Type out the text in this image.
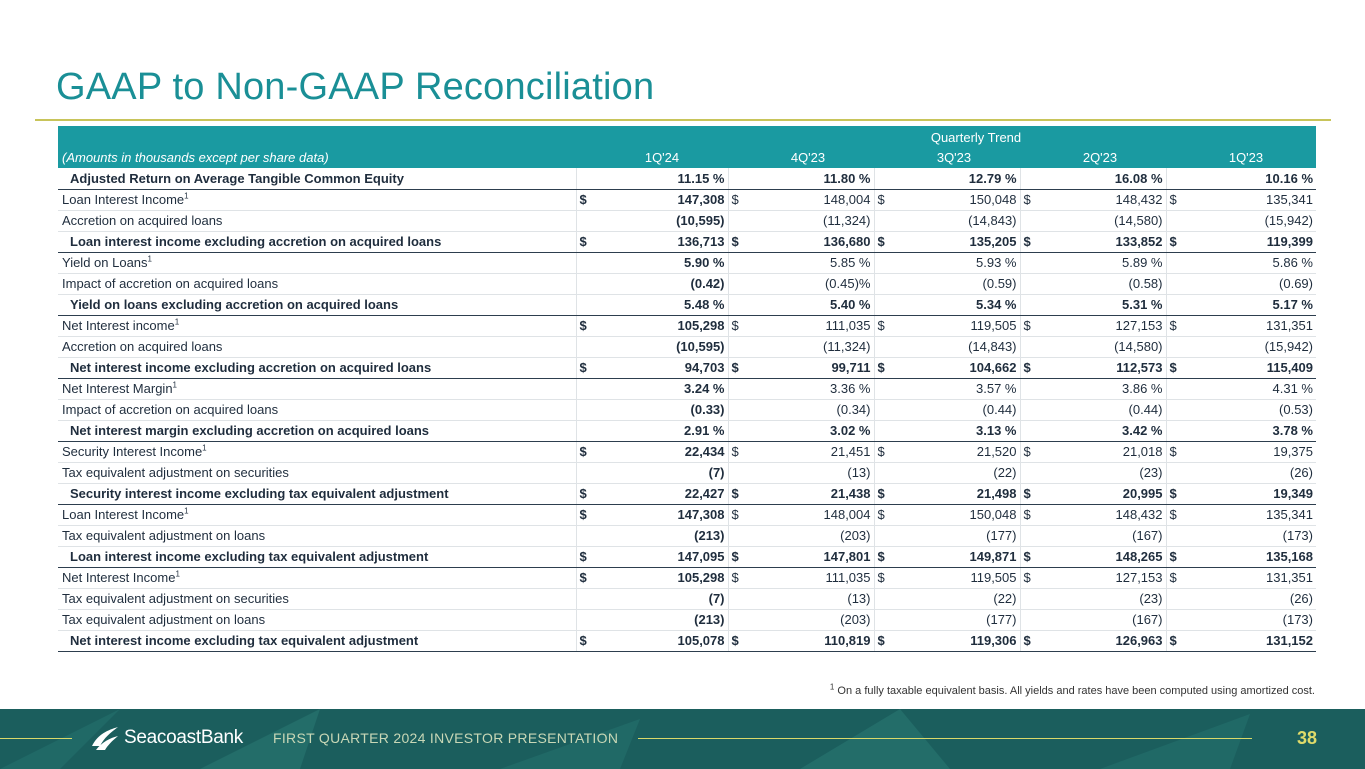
GAAP to Non-GAAP Reconciliation
Quarterly Trend
(Amounts in thousands except per share data)	1Q'24	4Q'23	3Q'23	2Q'23	1Q'23
Adjusted Return on Average Tangible Common Equity	11.15 %	11.80 %	12.79 %	16.08 %	10.16 %

Loan Interest Income$^1$	$ 147,308	$ 148,004	$ 150,048	$ 148,432	$ 135,341

Accretion on acquired loans	(10,595)	(11,324)	(14,843)	(14,580)	(15,942)

Loan interest income excluding accretion on acquired loans	$ 136,713	$ 136,680	$ 135,205	$ 133,852	$ 119,399

Yield on Loans$^1$	5.90 %	5.85 %	5.93 %	5.89 %	5.86 %

Impact of accretion on acquired loans	(0.42)	(0.45)%	(0.59)	(0.58)	(0.69)

Yield on loans excluding accretion on acquired loans	5.48 %	5.40 %	5.34 %	5.31 %	5.17 %

Net Interest income$^1$	$ 105,298	$ 111,035	$ 119,505	$ 127,153	$ 131,351

Accretion on acquired loans	(10,595)	(11,324)	(14,843)	(14,580)	(15,942)

Net interest income excluding accretion on acquired loans	$ 94,703	$ 99,711	$ 104,662	$ 112,573	$ 115,409

Net Interest Margin$^1$	3.24 %	3.36 %	3.57 %	3.86 %	4.31 %

Impact of accretion on acquired loans	(0.33)	(0.34)	(0.44)	(0.44)	(0.53)

Net interest margin excluding accretion on acquired loans	2.91 %	3.02 %	3.13 %	3.42 %	3.78 %

Security Interest Income$^1$	$ 22,434	$ 21,451	$ 21,520	$ 21,018	$ 19,375

Tax equivalent adjustment on securities	(7)	(13)	(22)	(23)	(26)

Security interest income excluding tax equivalent adjustment	$ 22,427	$ 21,438	$ 21,498	$ 20,995	$ 19,349

Loan Interest Income$^1$	$ 147,308	$ 148,004	$ 150,048	$ 148,432	$ 135,341

Tax equivalent adjustment on loans	(213)	(203)	(177)	(167)	(173)

Loan interest income excluding tax equivalent adjustment	$ 147,095	$ 147,801	$ 149,871	$ 148,265	$ 135,168

Net Interest Income$^1$	$ 105,298	$ 111,035	$ 119,505	$ 127,153	$ 131,351

Tax equivalent adjustment on securities	(7)	(13)	(22)	(23)	(26)

Tax equivalent adjustment on loans	(213)	(203)	(177)	(167)	(173)

Net interest income excluding tax equivalent adjustment	$ 105,078	$ 110,819	$ 119,306	$ 126,963	$ 131,152
$^1$ On a fully taxable equivalent basis. All yields and rates have been computed using amortized cost.
SeacoastBank FIRST QUARTER 2024 INVESTOR PRESENTATION	38
